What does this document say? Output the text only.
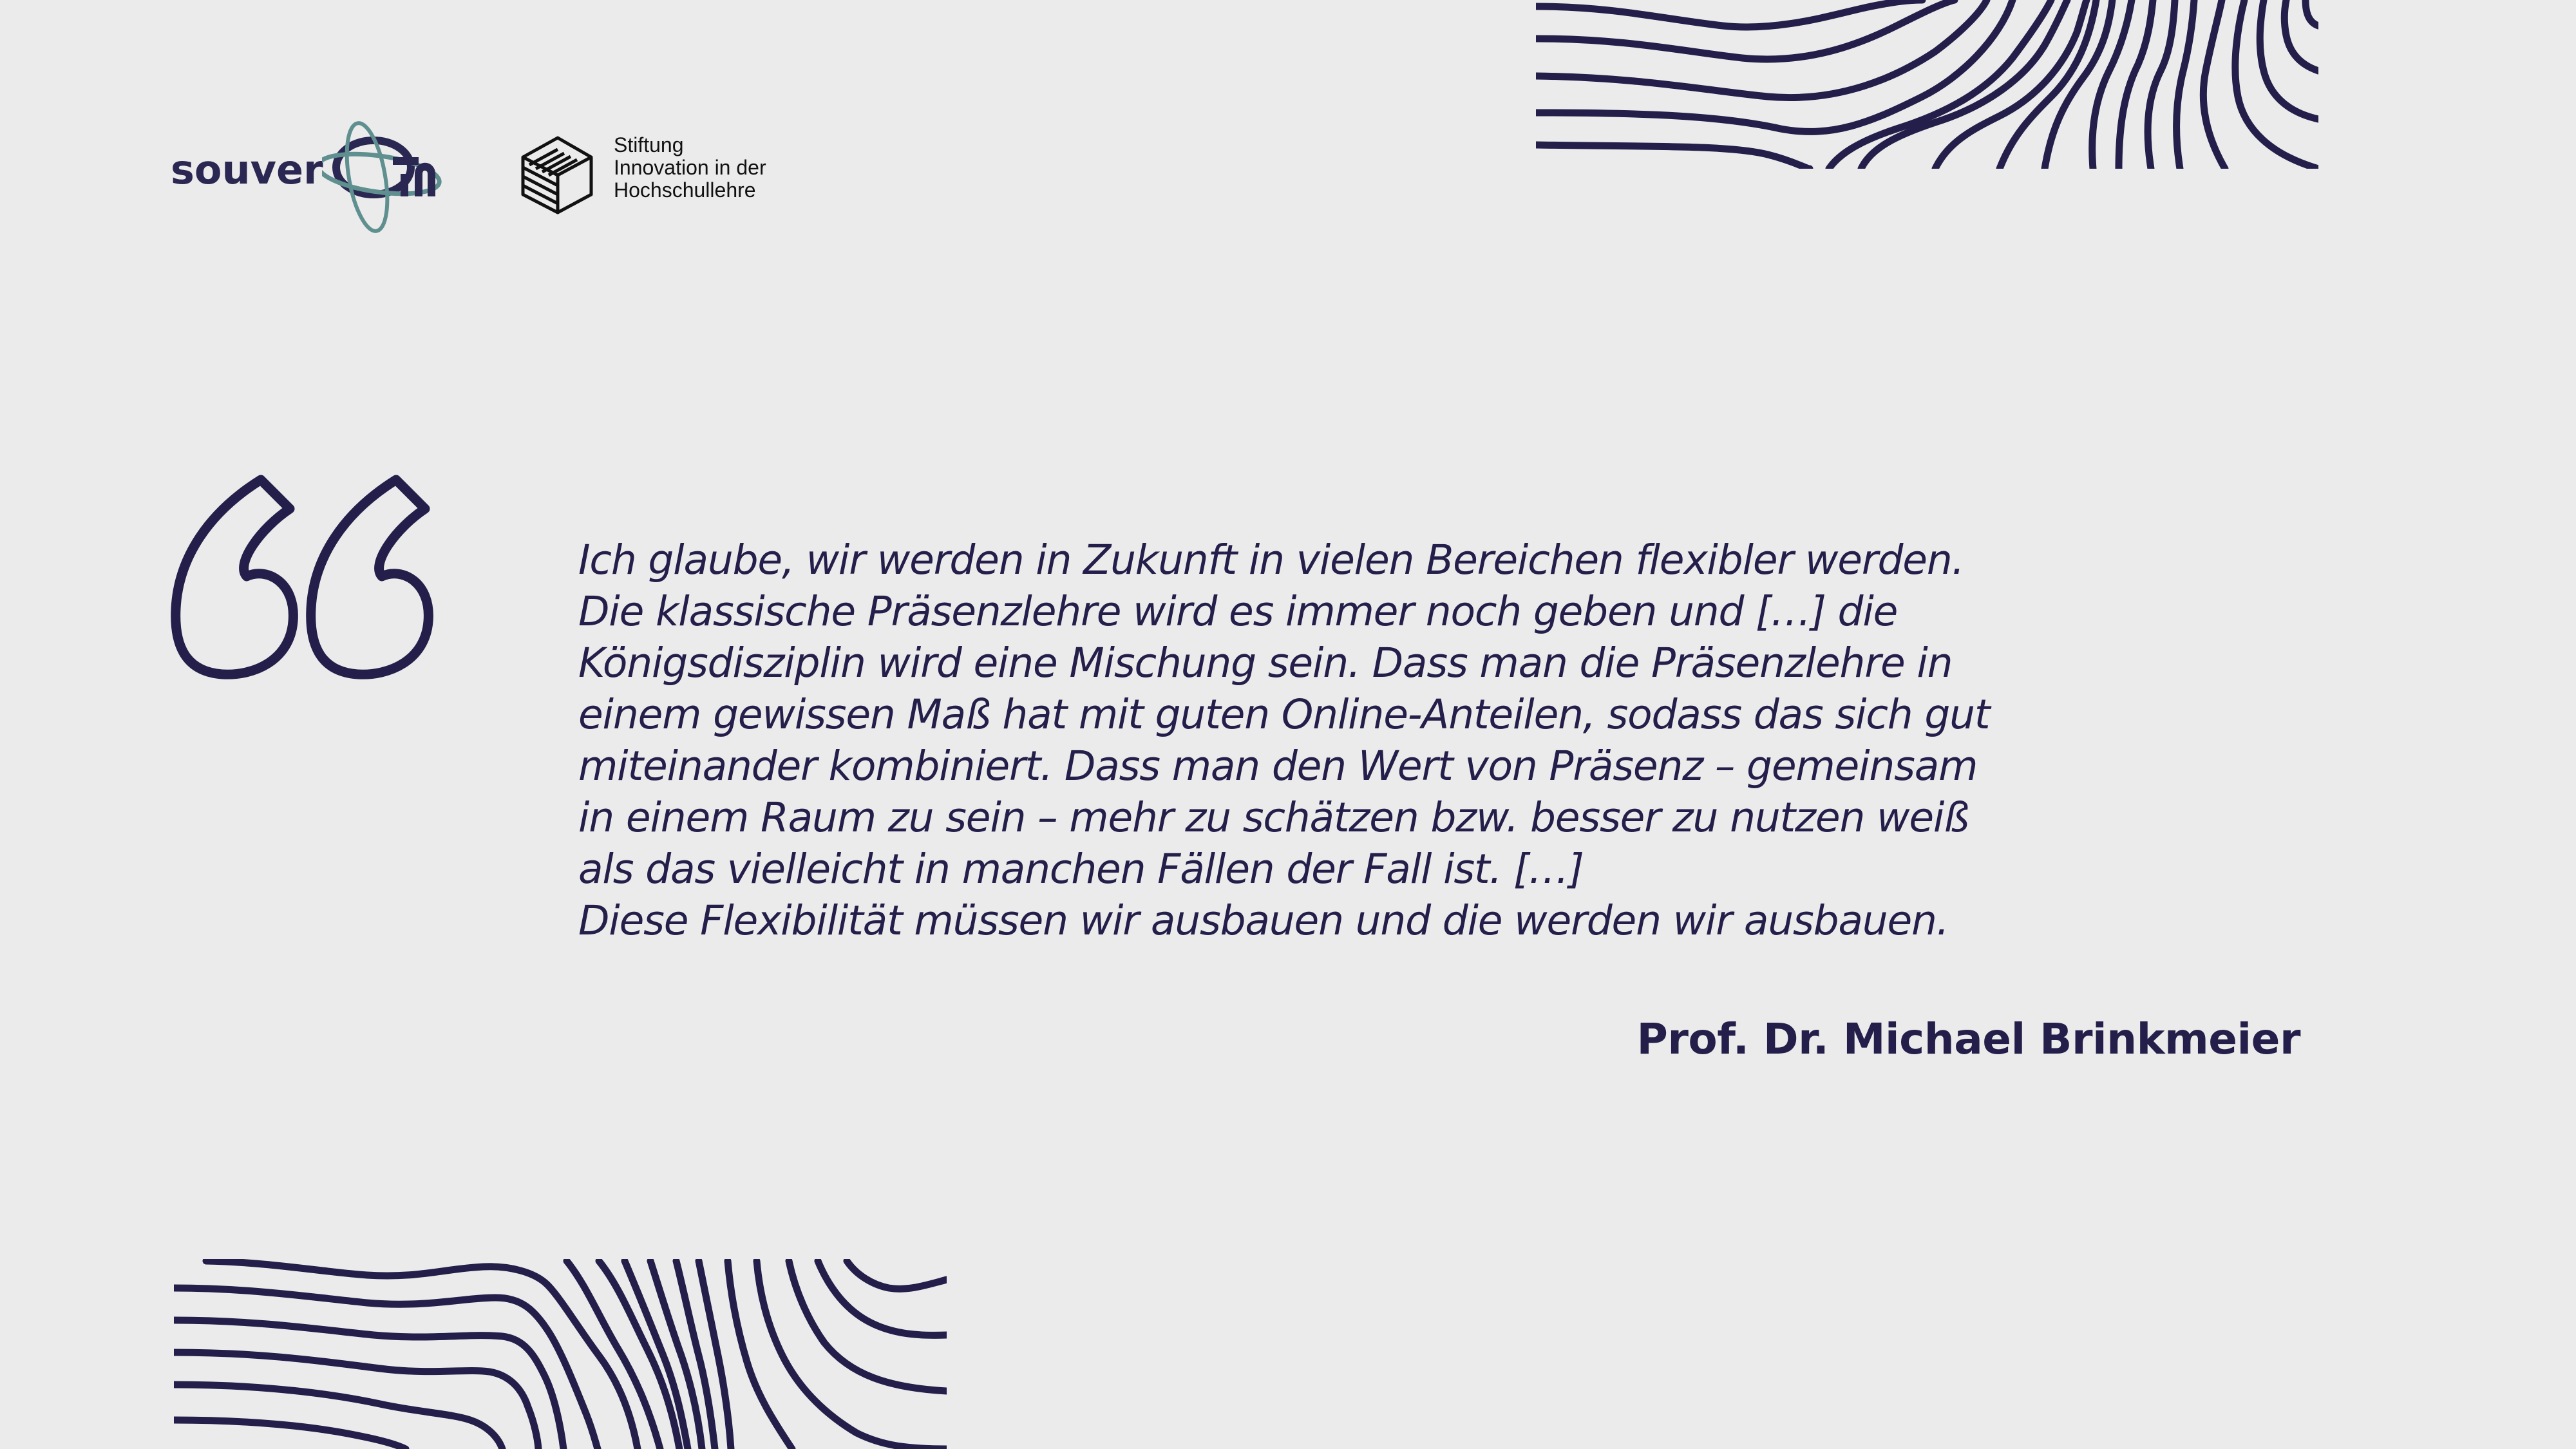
souver
Stiftung
Innovation in der
Hochschullehre
Ich glaube, wir werden in Zukunft in vielen Bereichen flexibler werden.
Die klassische Präsenzlehre wird es immer noch geben und […] die
Königsdisziplin wird eine Mischung sein. Dass man die Präsenzlehre in
einem gewissen Maß hat mit guten Online-Anteilen, sodass das sich gut
miteinander kombiniert. Dass man den Wert von Präsenz – gemeinsam
in einem Raum zu sein – mehr zu schätzen bzw. besser zu nutzen weiß
als das vielleicht in manchen Fällen der Fall ist. […]
Diese Flexibilität müssen wir ausbauen und die werden wir ausbauen.
Prof. Dr. Michael Brinkmeier
